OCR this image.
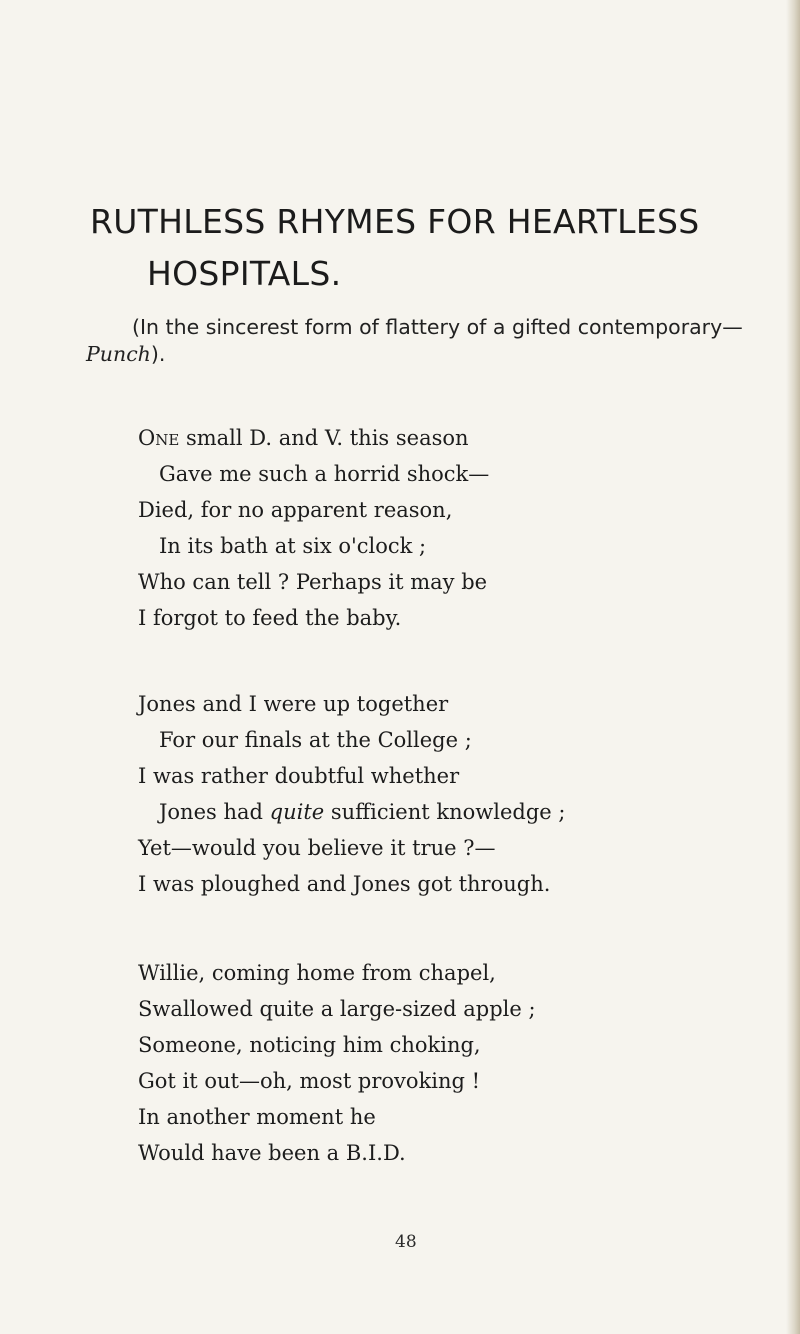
RUTHLESS RHYMES FOR HEARTLESS
HOSPITALS.

(In the sincerest form of flattery of a gifted contemporary—
Punch).

One small D. and V. this season
Gave me such a horrid shock—
Died, for no apparent reason,
In its bath at six o'clock ;
Who can tell ? Perhaps it may be
I forgot to feed the baby.
Jones and I were up together
For our finals at the College ;
I was rather doubtful whether
Jones had quite sufficient knowledge ;
Yet—would you believe it true ?—
I was ploughed and Jones got through.
Willie, coming home from chapel,
Swallowed quite a large-sized apple ;
Someone, noticing him choking,
Got it out—oh, most provoking !
In another moment he
Would have been a B.I.D.

48
